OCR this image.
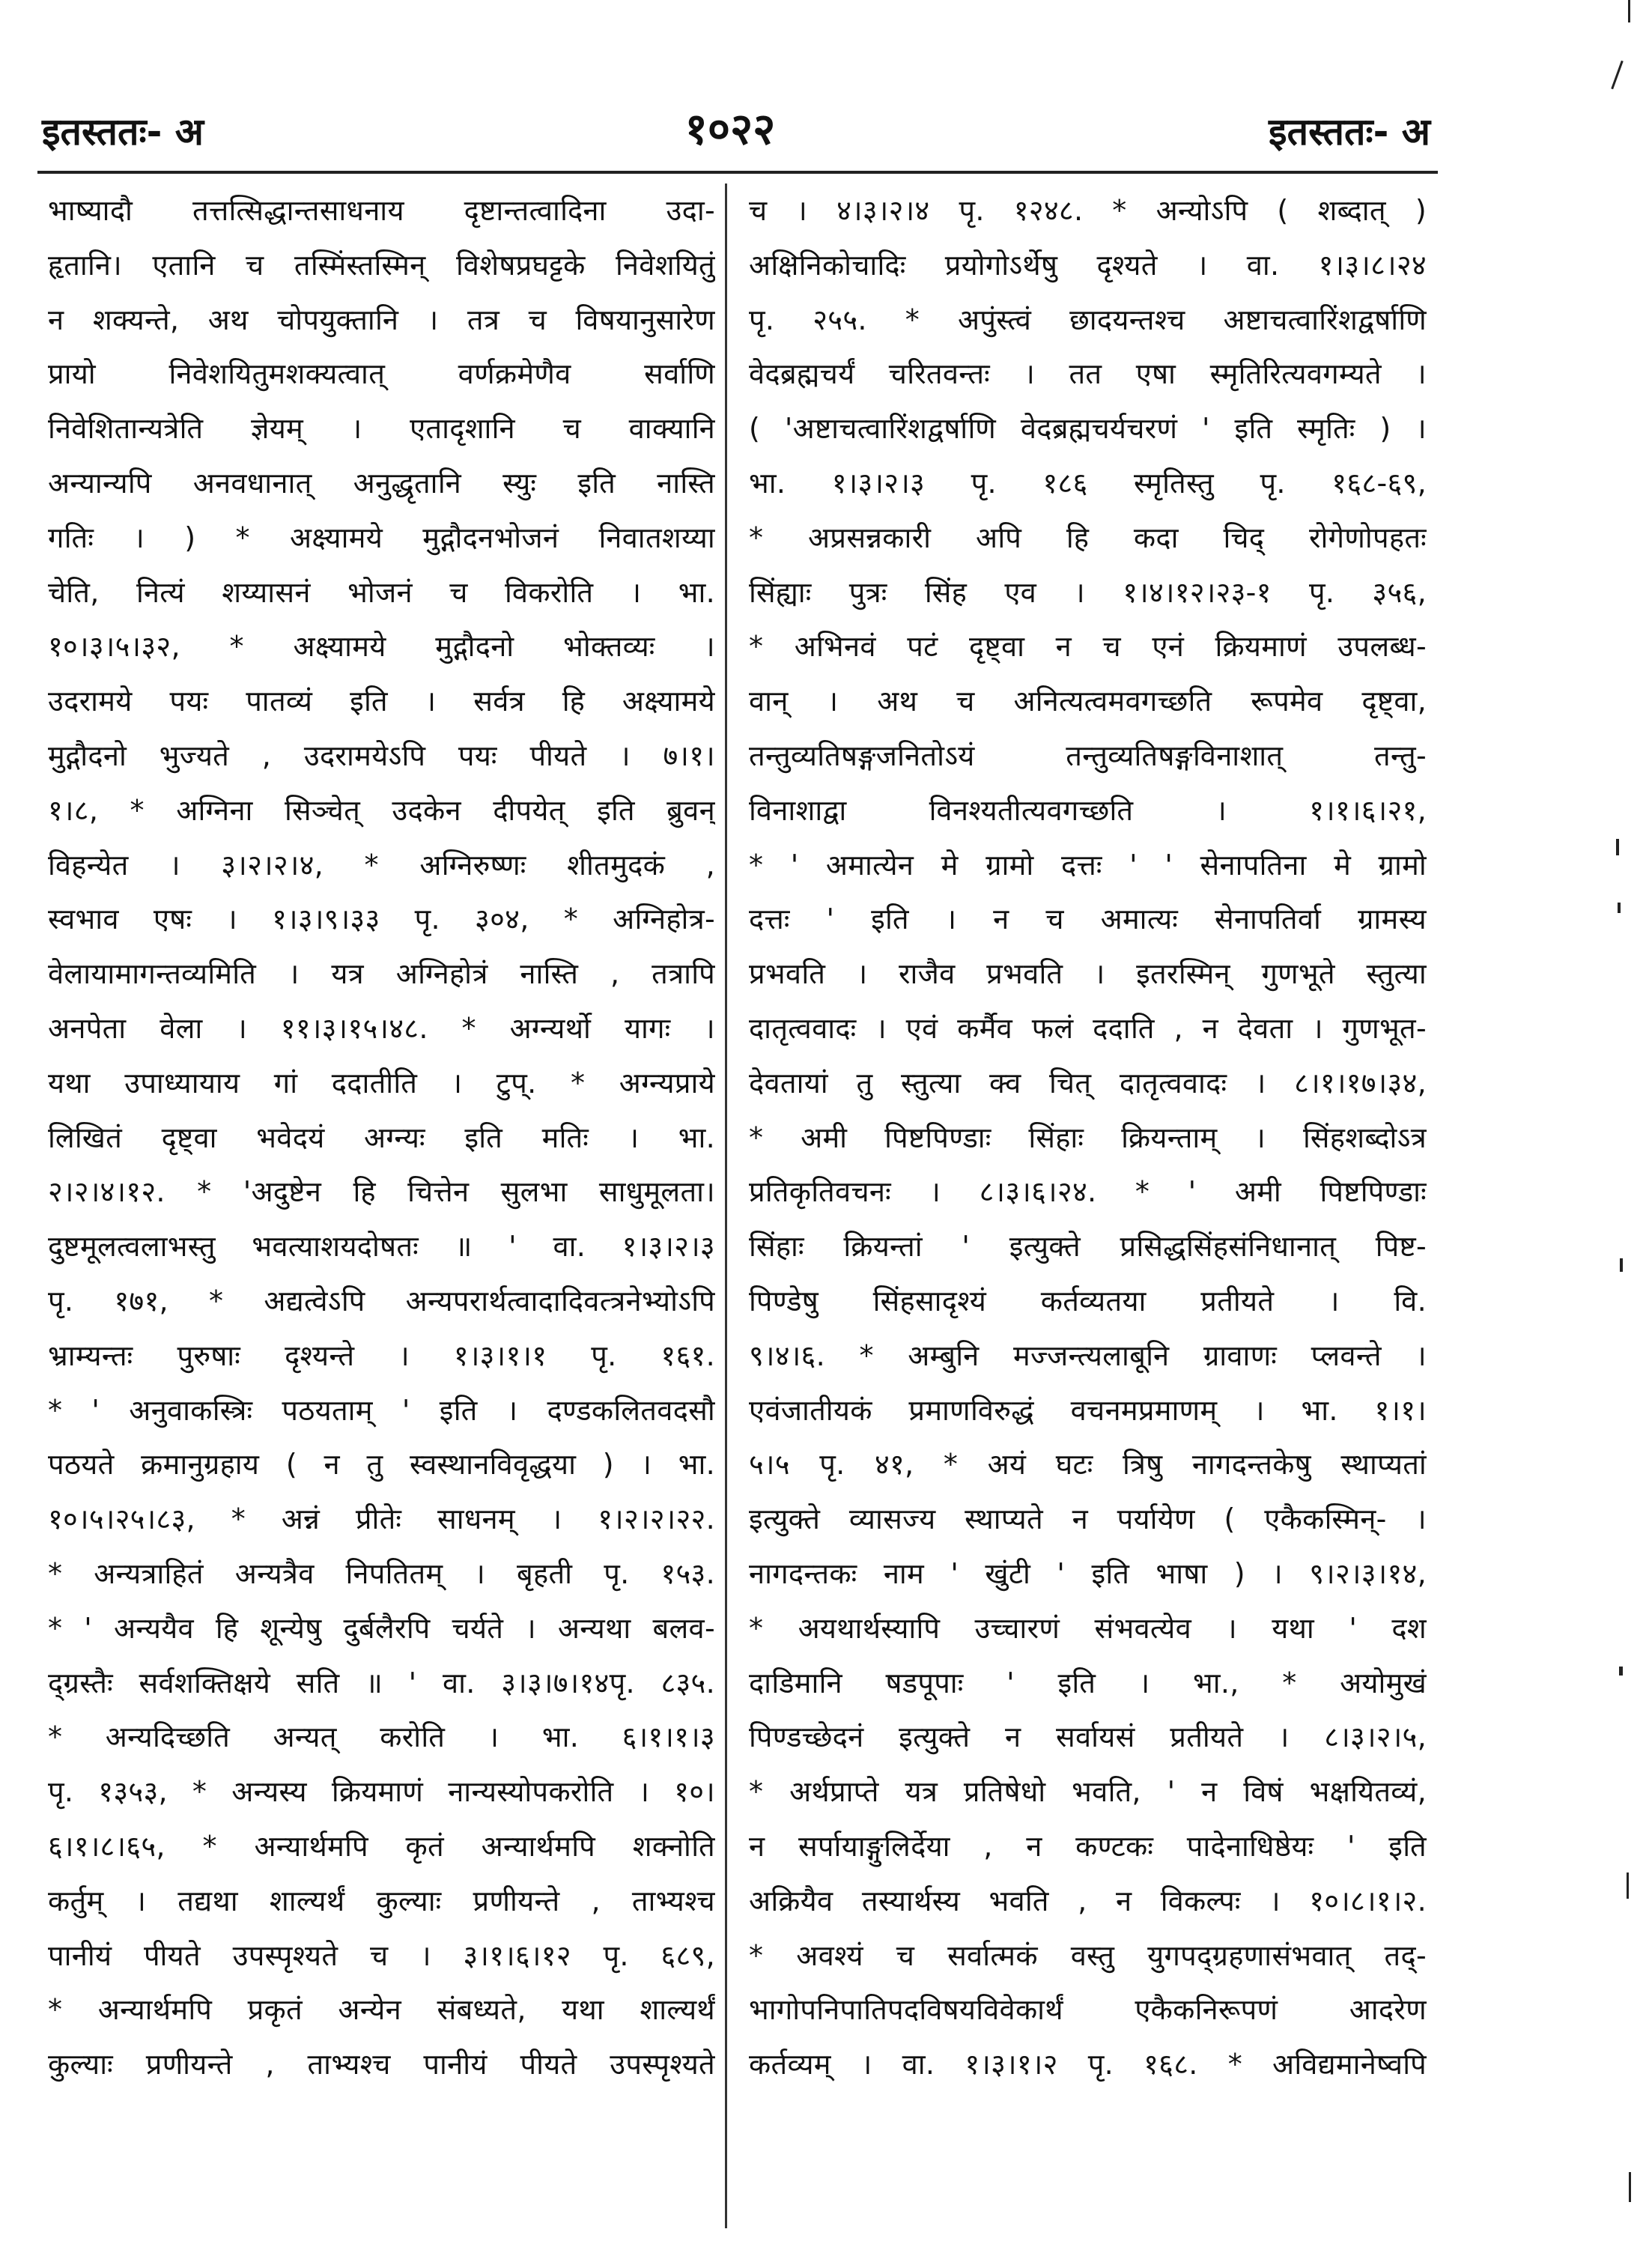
इतस्ततः- अ	१०२२	इतस्ततः- अ
भाष्यादौ तत्तत्सिद्धान्तसाधनाय दृष्टान्तत्वादिना उदा-
हृतानि। एतानि च तस्मिंस्तस्मिन् विशेषप्रघट्टके निवेशयितुं
न शक्यन्ते, अथ चोपयुक्तानि । तत्र च विषयानुसारेण
प्रायो निवेशयितुमशक्यत्वात् वर्णक्रमेणैव सर्वाणि
निवेशितान्यत्रेति ज्ञेयम् । एतादृशानि च वाक्यानि
अन्यान्यपि अनवधानात् अनुद्धृतानि स्युः इति नास्ति
गतिः । ) * अक्ष्यामये मुद्गौदनभोजनं निवातशय्या
चेति, नित्यं शय्यासनं भोजनं च विकरोति । भा.
१०।३।५।३२, * अक्ष्यामये मुद्गौदनो भोक्तव्यः ।
उदरामये पयः पातव्यं इति । सर्वत्र हि अक्ष्यामये
मुद्गौदनो भुज्यते , उदरामयेऽपि पयः पीयते । ७।१।
१।८, * अग्निना सिञ्चेत् उदकेन दीपयेत् इति ब्रुवन्
विहन्येत । ३।२।२।४, * अग्निरुष्णः शीतमुदकं ,
स्वभाव एषः । १।३।९।३३ पृ. ३०४, * अग्निहोत्र-
वेलायामागन्तव्यमिति । यत्र अग्निहोत्रं नास्ति , तत्रापि
अनपेता वेला । ११।३।१५।४८. * अग्न्यर्थो यागः ।
यथा उपाध्यायाय गां ददातीति । टुप्. * अग्न्यप्राये
लिखितं दृष्ट्वा भवेदयं अग्न्यः इति मतिः । भा.
२।२।४।१२. * 'अदुष्टेन हि चित्तेन सुलभा साधुमूलता।
दुष्टमूलत्वलाभस्तु भवत्याशयदोषतः ॥ ' वा. १।३।२।३
पृ. १७१, * अद्यत्वेऽपि अन्यपरार्थत्वादादिवत्त्रनेभ्योऽपि
भ्राम्यन्तः पुरुषाः दृश्यन्ते । १।३।१।१ पृ. १६१.
* ' अनुवाकस्त्रिः पठयताम् ' इति । दण्डकलितवदसौ
पठयते क्रमानुग्रहाय ( न तु स्वस्थानविवृद्धया ) । भा.
१०।५।२५।८३, * अन्नं प्रीतेः साधनम् । १।२।२।२२.
* अन्यत्राहितं अन्यत्रैव निपतितम् । बृहती पृ. १५३.
* ' अन्ययैव हि शून्येषु दुर्बलैरपि चर्यते । अन्यथा बलव-
द्ग्रस्तैः सर्वशक्तिक्षये सति ॥ ' वा. ३।३।७।१४पृ. ८३५.
* अन्यदिच्छति अन्यत् करोति । भा. ६।१।१।३
पृ. १३५३, * अन्यस्य क्रियमाणं नान्यस्योपकरोति । १०।
६।१।८।६५, * अन्यार्थमपि कृतं अन्यार्थमपि शक्नोति
कर्तुम् । तद्यथा शाल्यर्थं कुल्याः प्रणीयन्ते , ताभ्यश्च
पानीयं पीयते उपस्पृश्यते च । ३।१।६।१२ पृ. ६८९,
* अन्यार्थमपि प्रकृतं अन्येन संबध्यते, यथा शाल्यर्थं
कुल्याः प्रणीयन्ते , ताभ्यश्च पानीयं पीयते उपस्पृश्यते
च । ४।३।२।४ पृ. १२४८. * अन्योऽपि ( शब्दात् )
अक्षिनिकोचादिः प्रयोगोऽर्थेषु दृश्यते । वा. १।३।८।२४
पृ. २५५. * अपुंस्त्वं छादयन्तश्च अष्टाचत्वारिंशद्वर्षाणि
वेदब्रह्मचर्यं चरितवन्तः । तत एषा स्मृतिरित्यवगम्यते ।
( 'अष्टाचत्वारिंशद्वर्षाणि वेदब्रह्मचर्यचरणं ' इति स्मृतिः ) ।
भा. १।३।२।३ पृ. १८६ स्मृतिस्तु पृ. १६८-६९,
* अप्रसन्नकारी अपि हि कदा चिद् रोगेणोपहतः
सिंह्याः पुत्रः सिंह एव । १।४।१२।२३-१ पृ. ३५६,
* अभिनवं पटं दृष्ट्वा न च एनं क्रियमाणं उपलब्ध-
वान् । अथ च अनित्यत्वमवगच्छति रूपमेव दृष्ट्वा,
तन्तुव्यतिषङ्गजनितोऽयं तन्तुव्यतिषङ्गविनाशात् तन्तु-
विनाशाद्वा विनश्यतीत्यवगच्छति । १।१।६।२१,
* ' अमात्येन मे ग्रामो दत्तः ' ' सेनापतिना मे ग्रामो
दत्तः ' इति । न च अमात्यः सेनापतिर्वा ग्रामस्य
प्रभवति । राजैव प्रभवति । इतरस्मिन् गुणभूते स्तुत्या
दातृत्ववादः । एवं कर्मैव फलं ददाति , न देवता । गुणभूत-
देवतायां तु स्तुत्या क्व चित् दातृत्ववादः । ८।१।१७।३४,
* अमी पिष्टपिण्डाः सिंहाः क्रियन्ताम् । सिंहशब्दोऽत्र
प्रतिकृतिवचनः । ८।३।६।२४. * ' अमी पिष्टपिण्डाः
सिंहाः क्रियन्तां ' इत्युक्ते प्रसिद्धसिंहसंनिधानात् पिष्ट-
पिण्डेषु सिंहसादृश्यं कर्तव्यतया प्रतीयते । वि.
९।४।६. * अम्बुनि मज्जन्त्यलाबूनि ग्रावाणः प्लवन्ते ।
एवंजातीयकं प्रमाणविरुद्धं वचनमप्रमाणम् । भा. १।१।
५।५ पृ. ४१, * अयं घटः त्रिषु नागदन्तकेषु स्थाप्यतां
इत्युक्ते व्यासज्य स्थाप्यते न पर्यायेण ( एकैकस्मिन्- ।
नागदन्तकः नाम ' खुंटी ' इति भाषा ) । ९।२।३।१४,
* अयथार्थस्यापि उच्चारणं संभवत्येव । यथा ' दश
दाडिमानि षडपूपाः ' इति । भा., * अयोमुखं
पिण्डच्छेदनं इत्युक्ते न सर्वायसं प्रतीयते । ८।३।२।५,
* अर्थप्राप्ते यत्र प्रतिषेधो भवति, ' न विषं भक्षयितव्यं,
न सर्पायाङ्गुलिर्देया , न कण्टकः पादेनाधिष्ठेयः ' इति
अक्रियैव तस्यार्थस्य भवति , न विकल्पः । १०।८।१।२.
* अवश्यं च सर्वात्मकं वस्तु युगपद्ग्रहणासंभवात् तद्-
भागोपनिपातिपदविषयविवेकार्थं एकैकनिरूपणं आदरेण
कर्तव्यम् । वा. १।३।१।२ पृ. १६८. * अविद्यमानेष्वपि
